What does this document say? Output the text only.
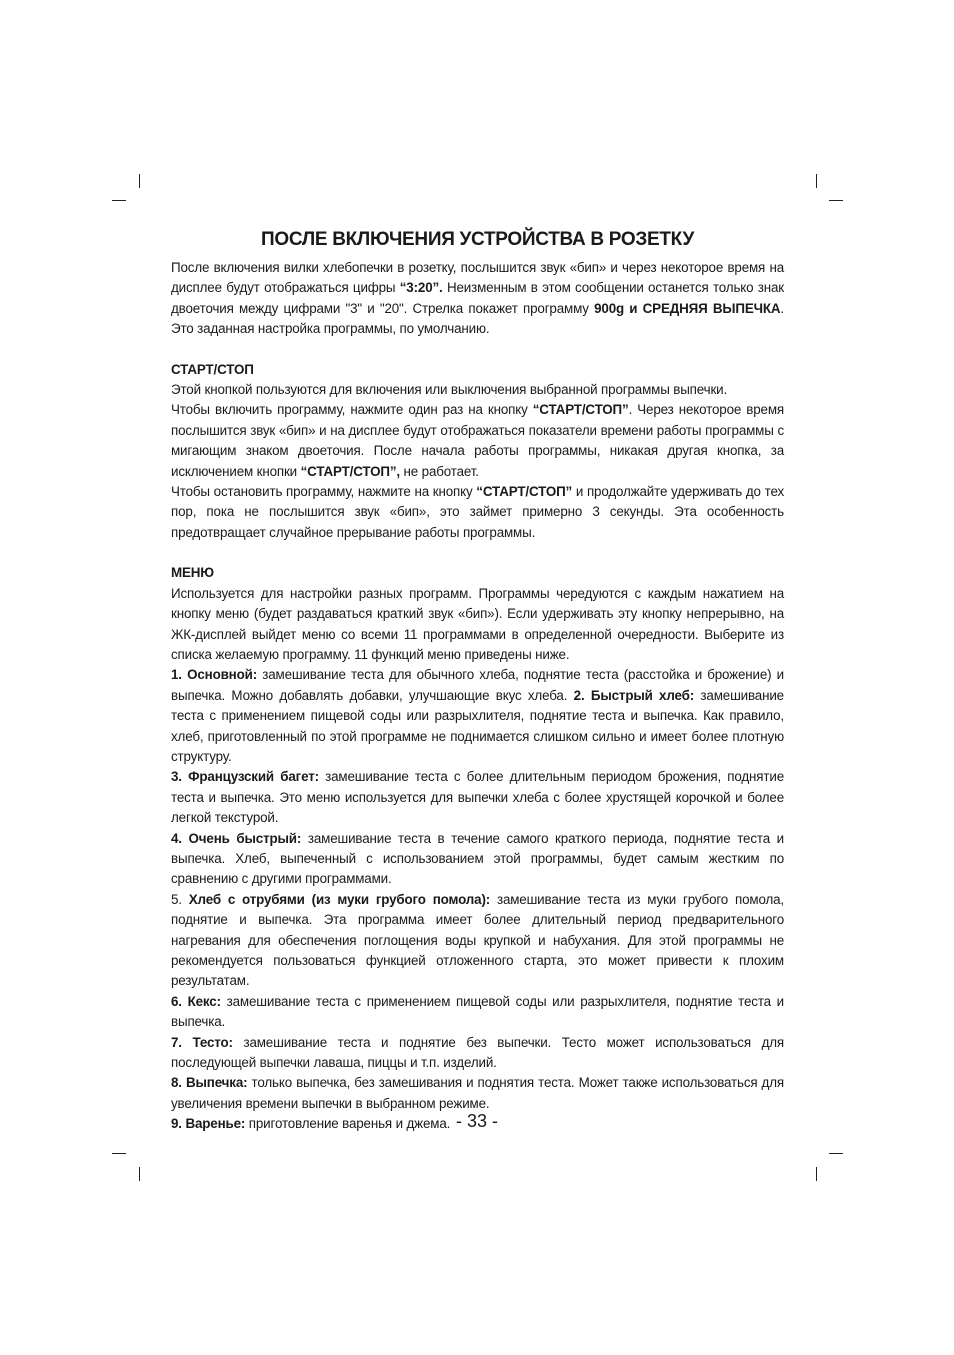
ПОСЛЕ ВКЛЮЧЕНИЯ УСТРОЙСТВА В РОЗЕТКУ

После включения вилки хлебопечки в розетку, послышится звук «бип» и через некоторое время на дисплее будут отображаться цифры “3:20”. Неизменным в этом сообщении останется только знак двоеточия между цифрами "3" и "20". Стрелка покажет программу 900g и СРЕДНЯЯ ВЫПЕЧКА. Это заданная настройка программы, по умолчанию.

СТАРТ/СТОП

Этой кнопкой пользуются для включения или выключения выбранной программы выпечки.

Чтобы включить программу, нажмите один раз на кнопку “СТАРТ/СТОП”. Через некоторое время послышится звук «бип» и на дисплее будут отображаться показатели времени работы программы с мигающим знаком двоеточия. После начала работы программы, никакая другая кнопка, за исключением кнопки “СТАРТ/СТОП”, не работает.

Чтобы остановить программу, нажмите на кнопку “СТАРТ/СТОП” и продолжайте удерживать до тех пор, пока не послышится звук «бип», это займет примерно 3 секунды. Эта особенность предотвращает случайное прерывание работы программы.

МЕНЮ

Используется для настройки разных программ. Программы чередуются с каждым нажатием на кнопку меню (будет раздаваться краткий звук «бип»). Если удерживать эту кнопку непрерывно, на ЖК-дисплей выйдет меню со всеми 11 программами в определенной очередности. Выберите из списка желаемую программу. 11 функций меню приведены ниже.

1. Основной: замешивание теста для обычного хлеба, поднятие теста (расстойка и брожение) и выпечка. Можно добавлять добавки, улучшающие вкус хлеба. 2. Быстрый хлеб: замешивание теста с применением пищевой соды или разрыхлителя, поднятие теста и выпечка. Как правило, хлеб, приготовленный по этой программе не поднимается слишком сильно и имеет более плотную структуру.

3. Французский багет: замешивание теста с более длительным периодом брожения, поднятие теста и выпечка. Это меню используется для выпечки хлеба с более хрустящей корочкой и более легкой текстурой.

4. Очень быстрый: замешивание теста в течение самого краткого периода, поднятие теста и выпечка. Хлеб, выпеченный с использованием этой программы, будет самым жестким по сравнению с другими программами.

5. Хлеб с отрубями (из муки грубого помола): замешивание теста из муки грубого помола, поднятие и выпечка. Эта программа имеет более длительный период предварительного нагревания для обеспечения поглощения воды крупкой и набухания. Для этой программы не рекомендуется пользоваться функцией отложенного старта, это может привести к плохим результатам.

6. Кекс: замешивание теста с применением пищевой соды или разрыхлителя, поднятие теста и выпечка.

7. Тесто: замешивание теста и поднятие без выпечки. Тесто может использоваться для последующей выпечки лаваша, пиццы и т.п. изделий.

8. Выпечка: только выпечка, без замешивания и поднятия теста. Может также использоваться для увеличения времени выпечки в выбранном режиме.

9. Варенье: приготовление варенья и джема. - 33 -
